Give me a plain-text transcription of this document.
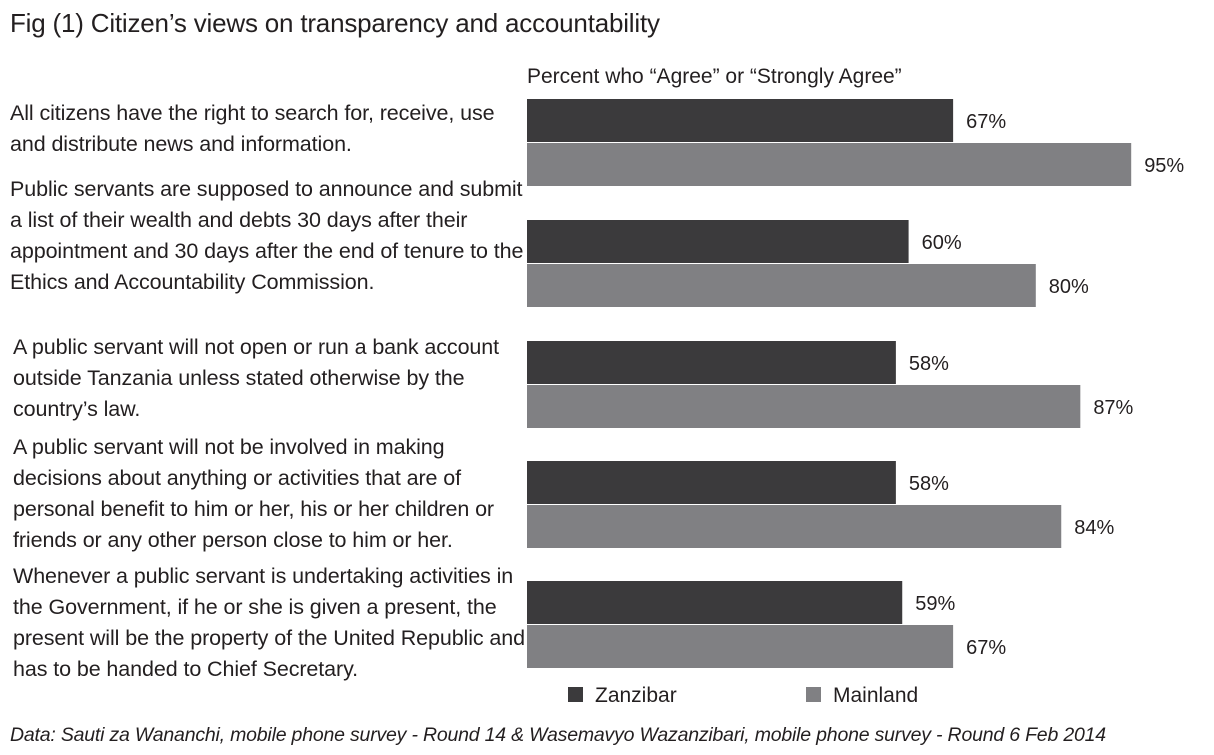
Fig (1) Citizen’s views on transparency and accountability
Percent who “Agree” or “Strongly Agree”
All citizens have the right to search for, receive, use and distribute news and information.
Public servants are supposed to announce and submit a list of their wealth and debts 30 days after their appointment and 30 days after the end of tenure to the Ethics and Accountability Commission.
A public servant will not open or run a bank account outside Tanzania unless stated otherwise by the country’s law.
A public servant will not be involved in making decisions about anything or activities that are of personal benefit to him or her, his or her children or friends or any other person close to him or her.
Whenever a public servant is undertaking activities in the Government, if he or she is given a present, the present will be the property of the United Republic and has to be handed to Chief Secretary.
67%
60%
58%
58%
59%
95%
80%
87%
84%
67%
Zanzibar	Mainland
Data: Sauti za Wananchi, mobile phone survey - Round 14 & Wasemavyo Wazanzibari, mobile phone survey - Round 6 Feb 2014
